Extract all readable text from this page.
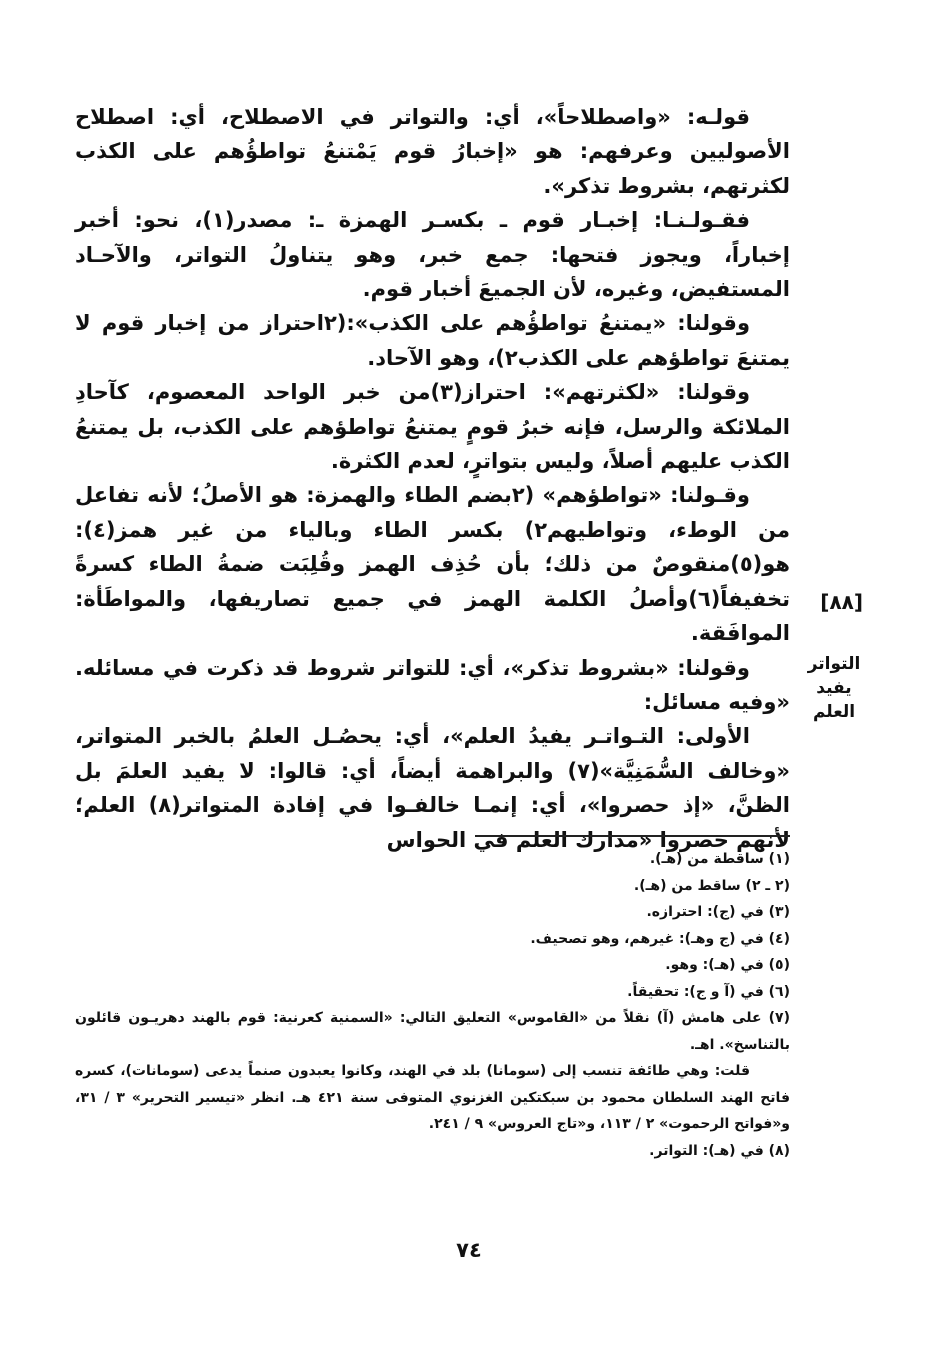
قولـه: «واصطلاحاً»، أي: والتواتر في الاصطلاح، أي: اصطلاح الأصوليين وعرفهم: هو «إخبارُ قوم يَمْتنعُ تواطؤُهم على الكذب لكثرتهم، بشروط تذكر».

فقـولـنـا: إخبـار قوم ـ بكسـر الهمزة ـ: مصدر(١)، نحو: أخبر إخباراً، ويجوز فتحها: جمع خبر، وهو يتناولُ التواتر، والآحـاد المستفيض، وغيره، لأن الجميعَ أخبار قوم.

وقولنا: «يمتنعُ تواطؤُهم على الكذب»:(٢احتراز من إخبار قوم لا يمتنعَ تواطؤهم على الكذب٢)، وهو الآحاد.

وقولنا: «لكثرتهم»: احتراز(٣)من خبر الواحد المعصوم، كآحادِ الملائكة والرسل، فإنه خبرُ قومٍ يمتنعُ تواطؤهم على الكذب، بل يمتنعُ الكذب عليهم أصلاً، وليس بتواترٍ، لعدم الكثرة.

وقـولنا: «تواطؤهم» (٢بضم الطاء والهمزة: هو الأصلُ؛ لأنه تفاعل من الوطء، وتواطيهم٢) بكسر الطاء وبالياء من غير همز(٤): هو(٥)منقوصٌ من ذلك؛ بأن حُذِف الهمز وقُلِبَت ضمةُ الطاء كسرةً تخفيفاً(٦)وأصلُ الكلمة الهمز في جميع تصاريفها، والمواطَأة: الموافَقة.

وقولنا: «بشروط تذكر»، أي: للتواتر شروط قد ذكرت في مسائله. «وفيه مسائل:

الأولى: التـواتـر يفيدُ العلم»، أي: يحصُـل العلمُ بالخبر المتواتر، «وخالف السُّمَنِيَّة»(٧) والبراهمة أيضاً، أي: قالوا: لا يفيد العلمَ بل الظنَّ، «إذ حصروا»، أي: إنمـا خالفـوا في إفادة المتواتر(٨) العلم؛ لأنهم حصروا «مدارك العلم في الحواس

[٨٨]
التواتر
يفيد العلم

(١) ساقطة من (هـ).

(٢ ـ ٢) ساقط من (هـ).

(٣) في (ج): احترازه.

(٤) في (ج وهـ): غيرهم، وهو تصحيف.

(٥) في (هـ): وهو.

(٦) في (آ و ج): تحقيقاً.

(٧) على هامش (آ) نقلاً من «القاموس» التعليق التالي: «السمنية كعرنية: قوم بالهند دهريـون قائلون بالتناسخ». اهـ.

قلت: وهي طائفة تنسب إلى (سومانا) بلد في الهند، وكانوا يعبدون صنماً يدعى (سومانات)، كسره فاتح الهند السلطان محمود بن سبكتكين الغزنوي المتوفى سنة ٤٢١ هـ. انظر «تيسير التحرير» ٣ / ٣١، و«فواتح الرحموت» ٢ / ١١٣، و«تاج العروس» ٩ / ٢٤١.

(٨) في (هـ): التواتر.

٧٤
